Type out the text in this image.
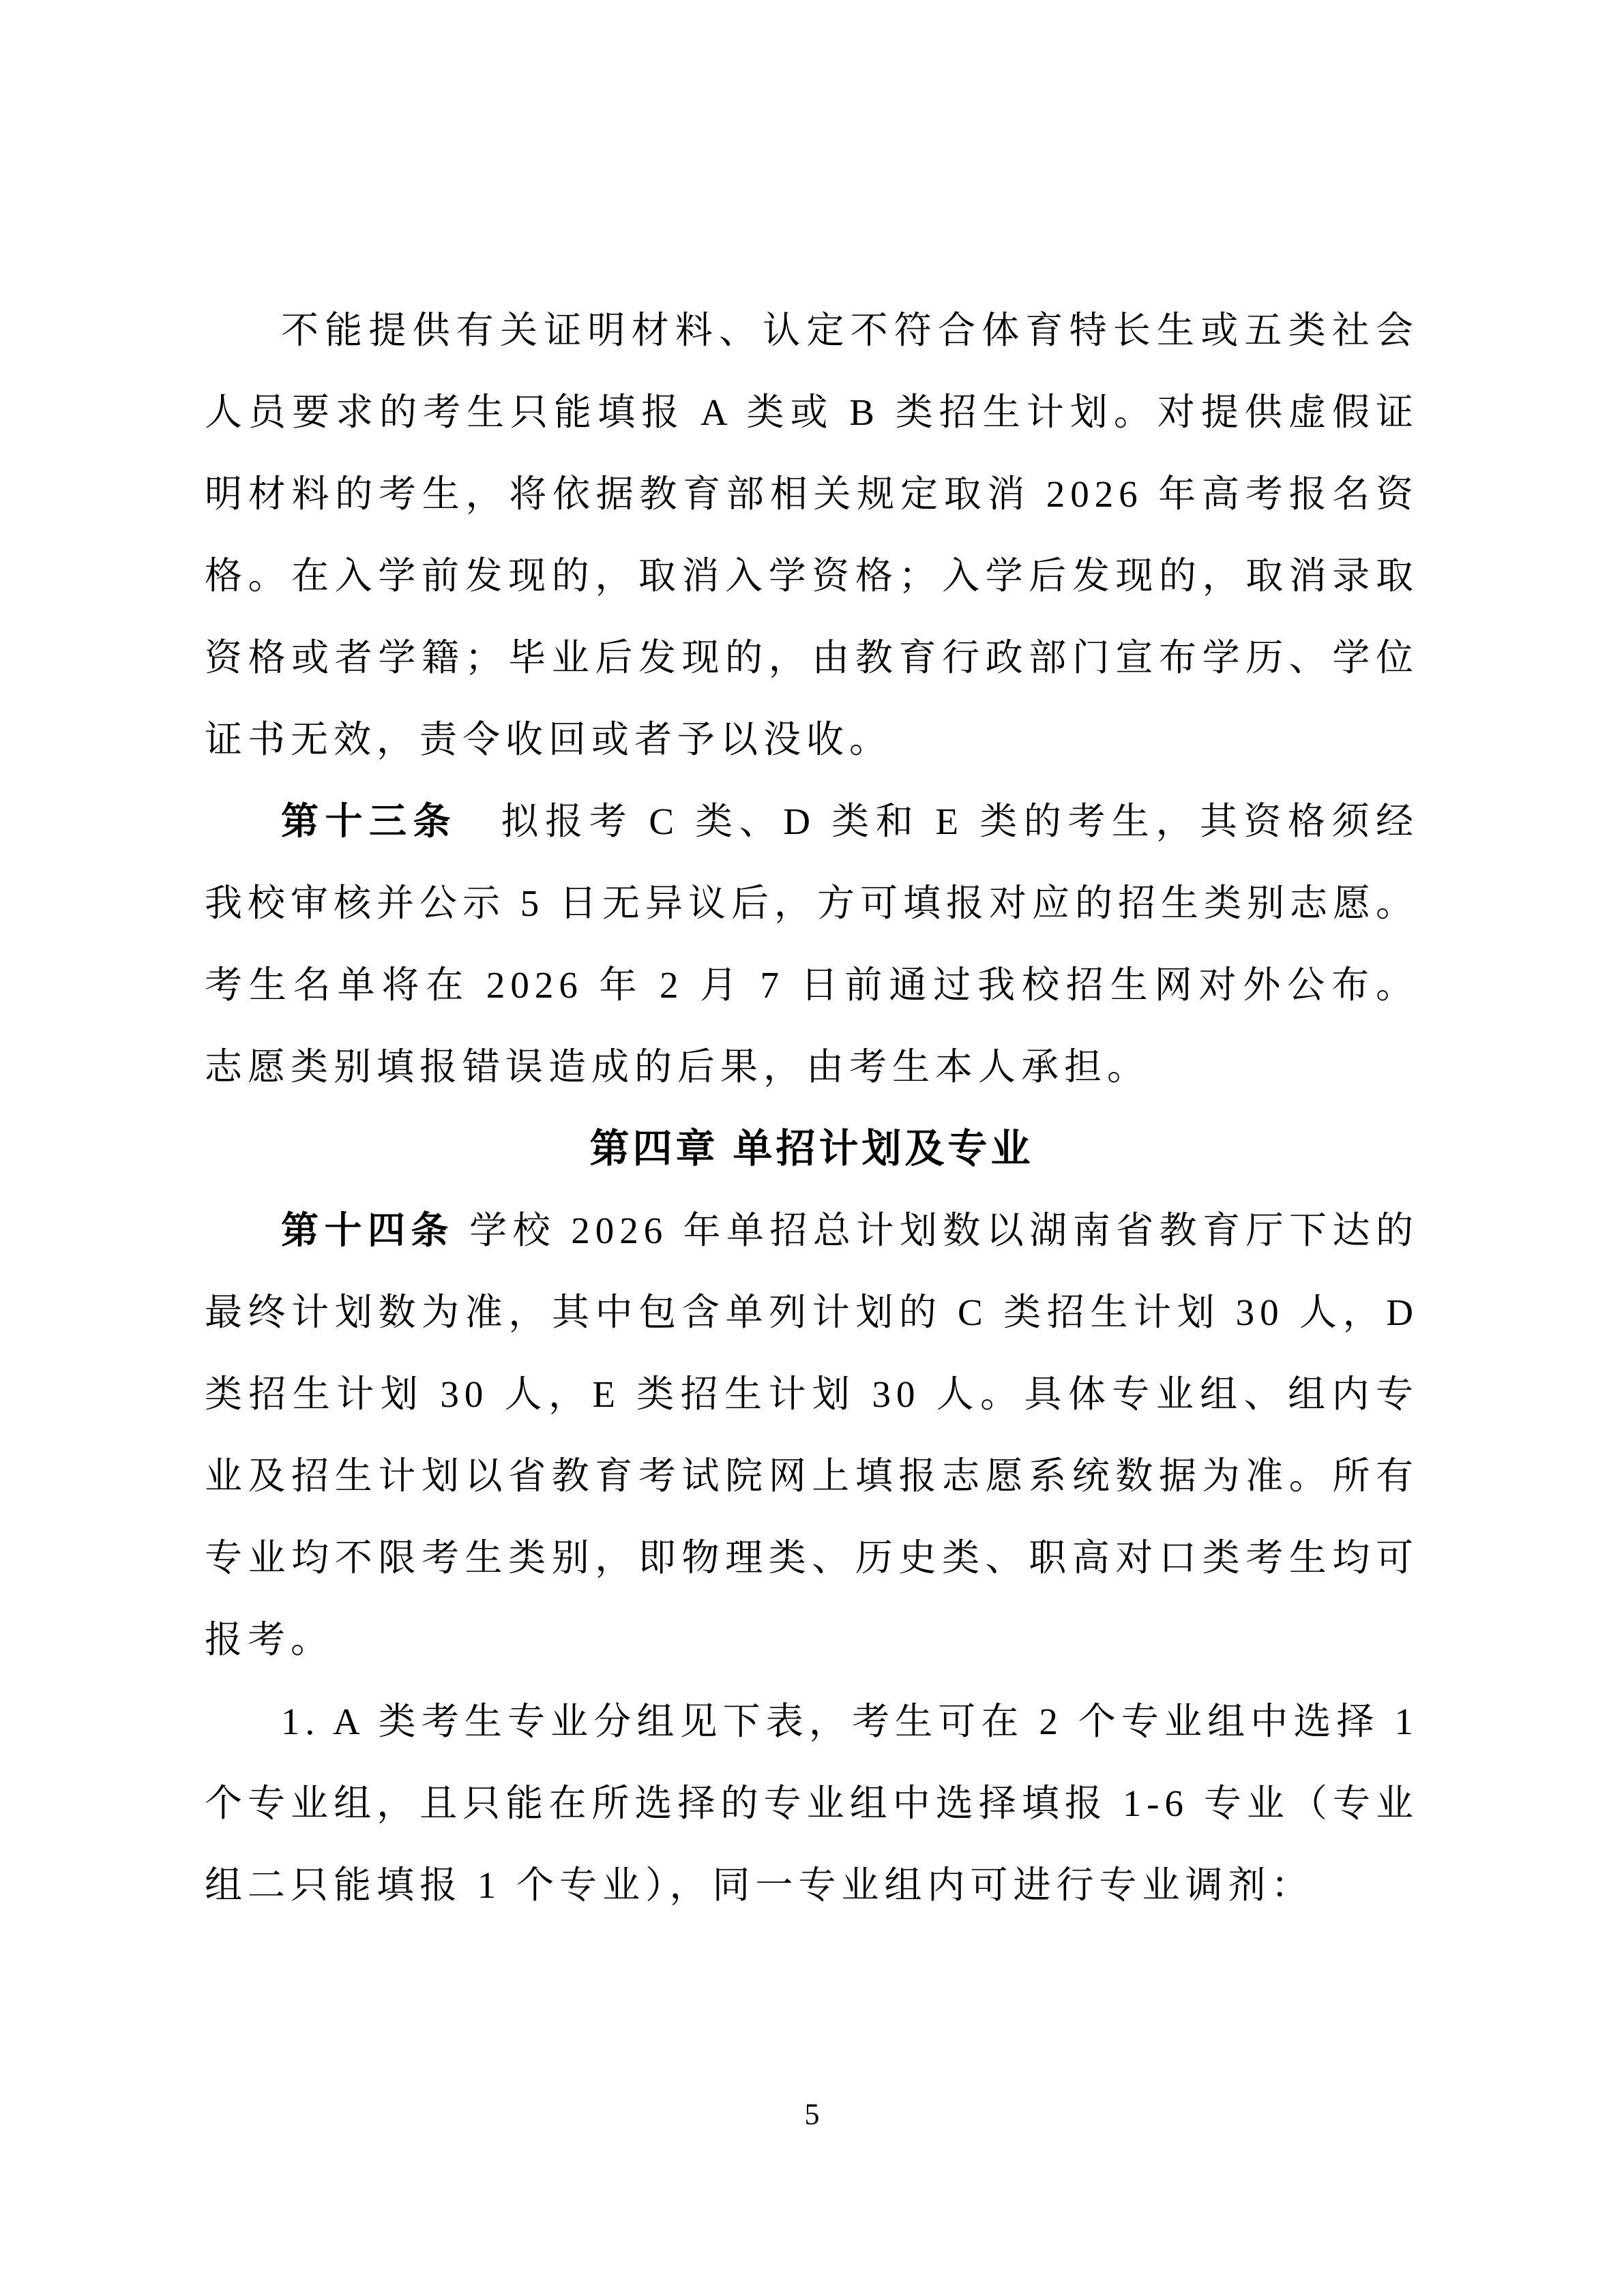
不能提供有关证明材料、认定不符合体育特长生或五类社会人员要求的考生只能填报 A 类或 B 类招生计划。对提供虚假证明材料的考生，将依据教育部相关规定取消 2026 年高考报名资格。在入学前发现的，取消入学资格；入学后发现的，取消录取资格或者学籍；毕业后发现的，由教育行政部门宣布学历、学位证书无效，责令收回或者予以没收。

第十三条　拟报考 C 类、D 类和 E 类的考生，其资格须经我校审核并公示 5 日无异议后，方可填报对应的招生类别志愿。考生名单将在 2026 年 2 月 7 日前通过我校招生网对外公布。志愿类别填报错误造成的后果，由考生本人承担。

第四章 单招计划及专业

第十四条 学校 2026 年单招总计划数以湖南省教育厅下达的最终计划数为准，其中包含单列计划的 C 类招生计划 30 人，D 类招生计划 30 人，E 类招生计划 30 人。具体专业组、组内专业及招生计划以省教育考试院网上填报志愿系统数据为准。所有专业均不限考生类别，即物理类、历史类、职高对口类考生均可报考。

1. A 类考生专业分组见下表，考生可在 2 个专业组中选择 1 个专业组，且只能在所选择的专业组中选择填报 1-6 专业（专业组二只能填报 1 个专业），同一专业组内可进行专业调剂：

5
